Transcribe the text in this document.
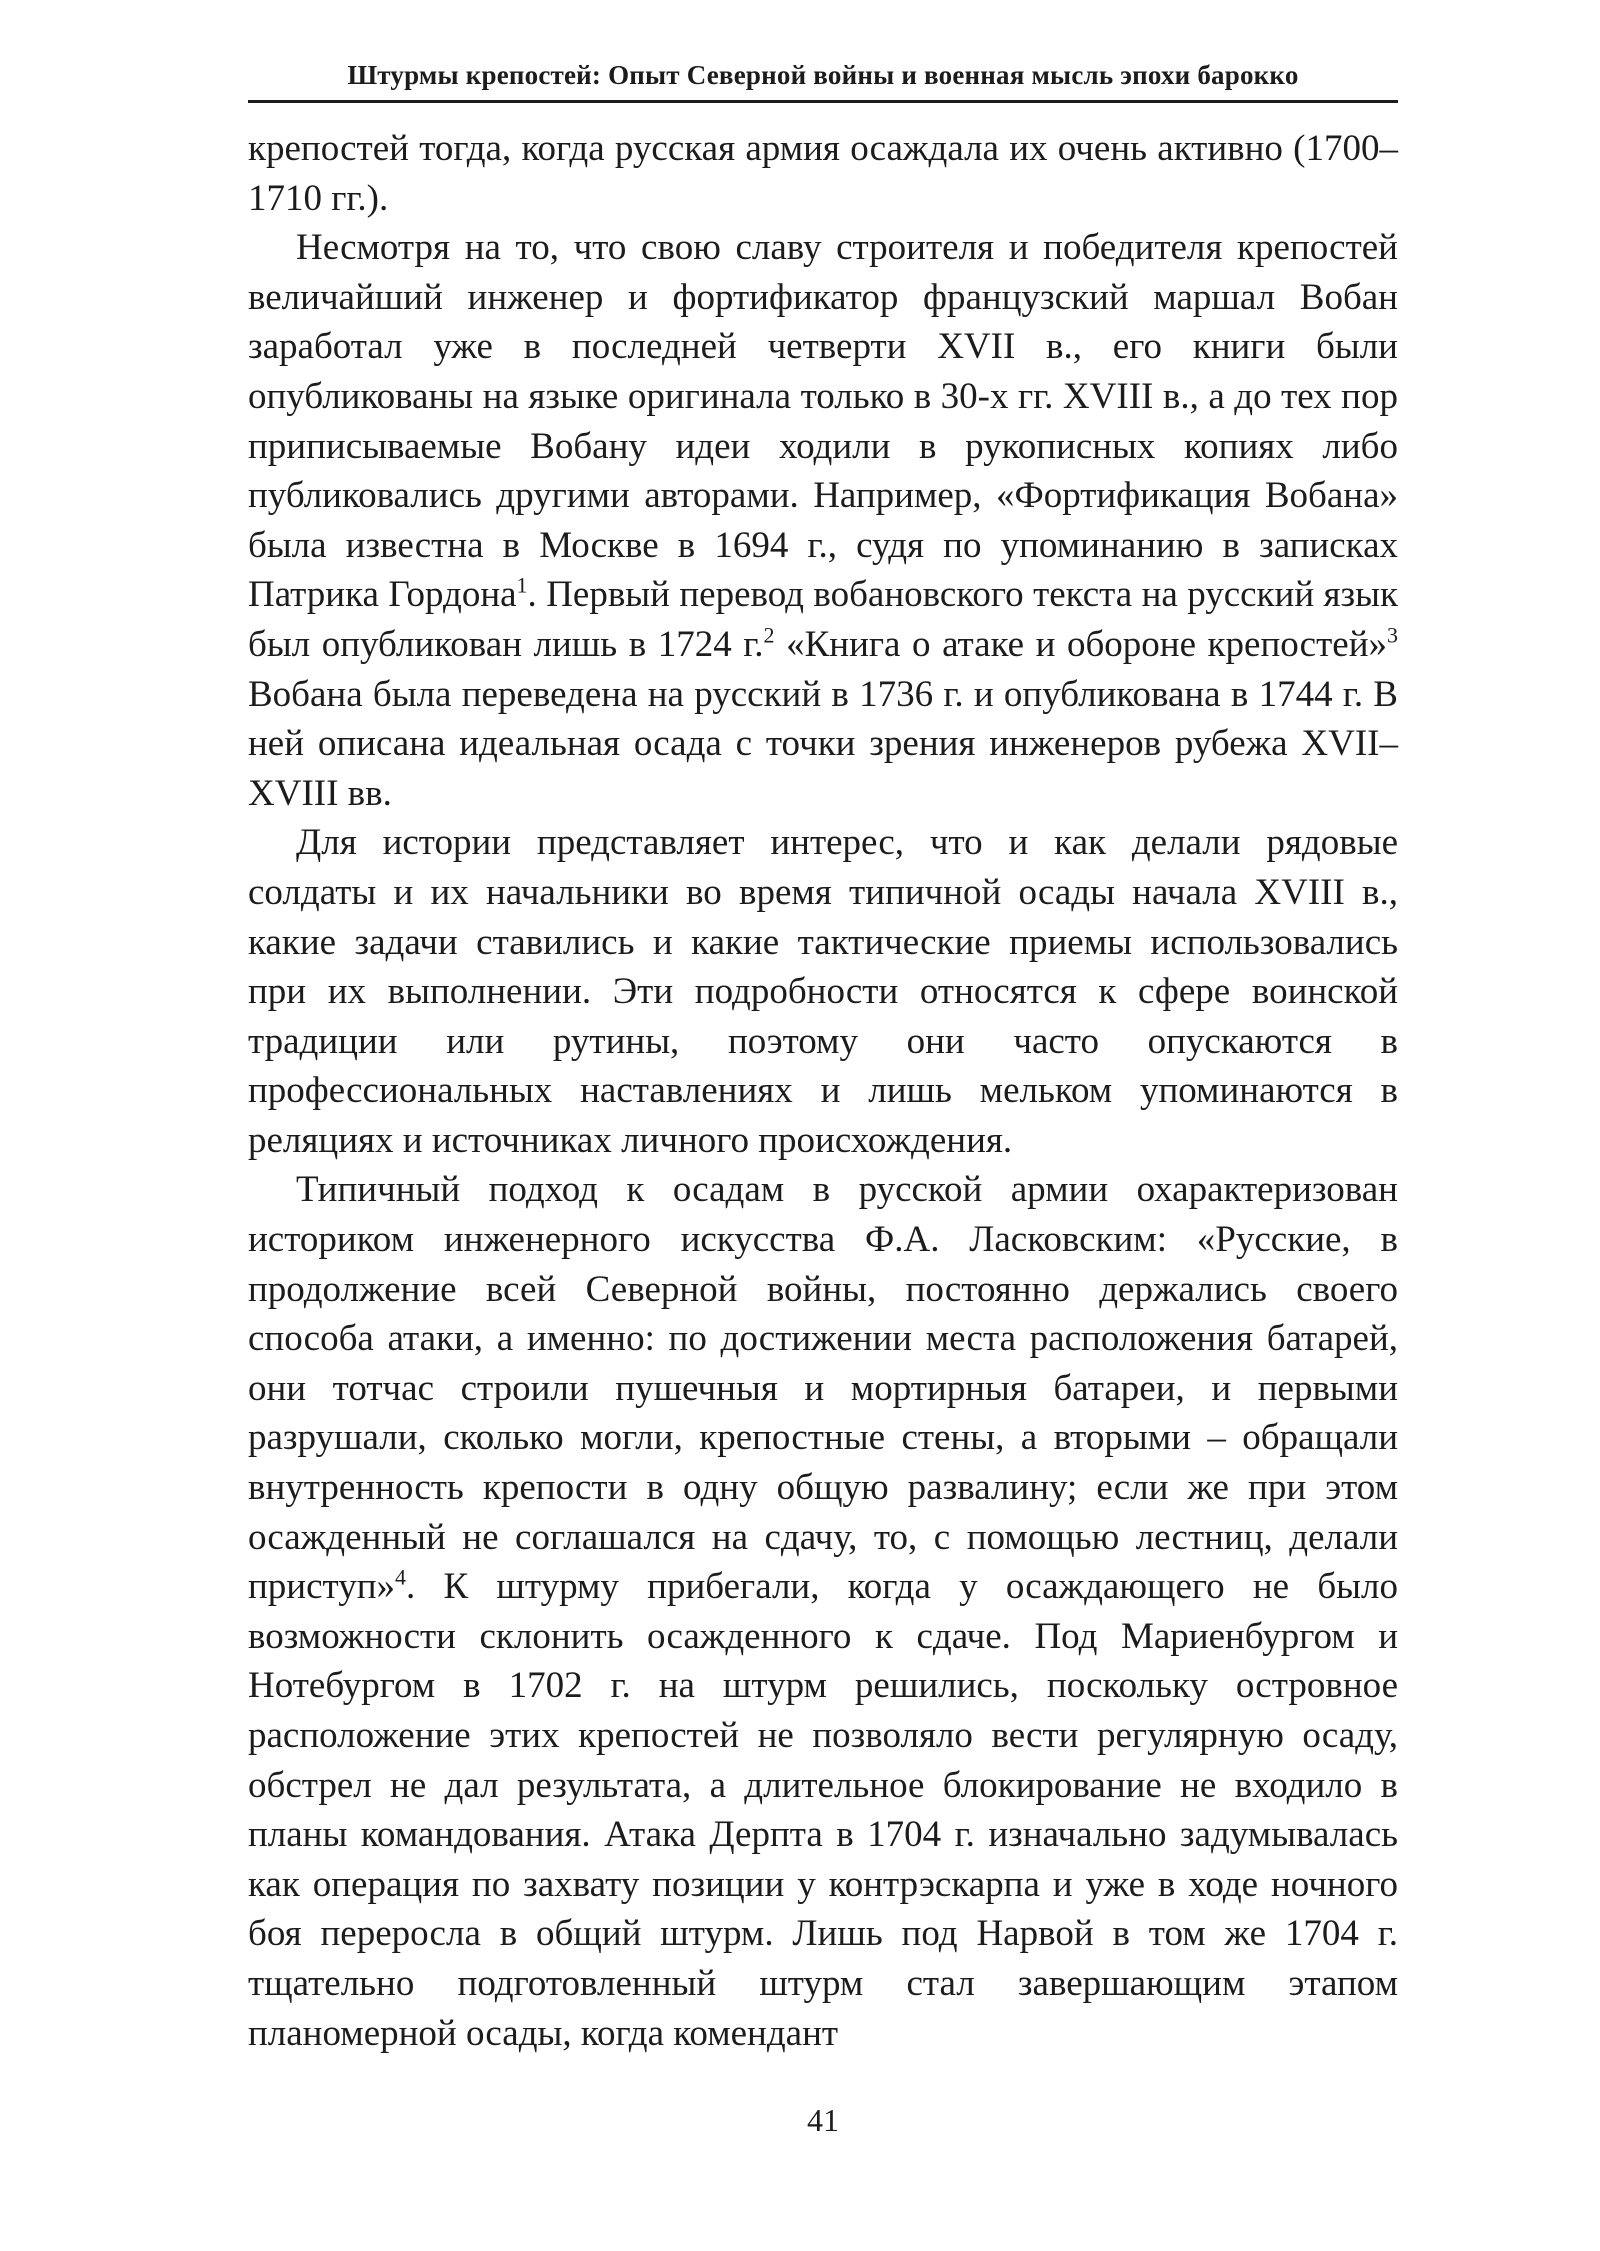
Штурмы крепостей: Опыт Северной войны и военная мысль эпохи барокко

крепостей тогда, когда русская армия осаждала их очень активно (1700–1710 гг.).

Несмотря на то, что свою славу строителя и победителя крепостей величайший инженер и фортификатор французский маршал Вобан заработал уже в последней четверти XVII в., его книги были опубликованы на языке оригинала только в 30-х гг. XVIII в., а до тех пор приписываемые Вобану идеи ходили в рукописных копиях либо публиковались другими авторами. Например, «Фортификация Вобана» была известна в Москве в 1694 г., судя по упоминанию в записках Патрика Гордона$^1$. Первый перевод вобановского текста на русский язык был опубликован лишь в 1724 г.$^2$ «Книга о атаке и обороне крепостей»$^3$ Вобана была переведена на русский в 1736 г. и опубликована в 1744 г. В ней описана идеальная осада с точки зрения инженеров рубежа XVII–XVIII вв.

Для истории представляет интерес, что и как делали рядовые солдаты и их начальники во время типичной осады начала XVIII в., какие задачи ставились и какие тактические приемы использовались при их выполнении. Эти подробности относятся к сфере воинской традиции или рутины, поэтому они часто опускаются в профессиональных наставлениях и лишь мельком упоминаются в реляциях и источниках личного происхождения.

Типичный подход к осадам в русской армии охарактеризован историком инженерного искусства Ф.А. Ласковским: «Русские, в продолжение всей Северной войны, постоянно держались своего способа атаки, а именно: по достижении места расположения батарей, они тотчас строили пушечныя и мортирныя батареи, и первыми разрушали, сколько могли, крепостные стены, а вторыми – обращали внутренность крепости в одну общую развалину; если же при этом осажденный не соглашался на сдачу, то, с помощью лестниц, делали приступ»$^4$. К штурму прибегали, когда у осаждающего не было возможности склонить осажденного к сдаче. Под Мариенбургом и Нотебургом в 1702 г. на штурм решились, поскольку островное расположение этих крепостей не позволяло вести регулярную осаду, обстрел не дал результата, а длительное блокирование не входило в планы командования. Атака Дерпта в 1704 г. изначально задумывалась как операция по захвату позиции у контрэскарпа и уже в ходе ночного боя переросла в общий штурм. Лишь под Нарвой в том же 1704 г. тщательно подготовленный штурм стал завершающим этапом планомерной осады, когда комендант

41
